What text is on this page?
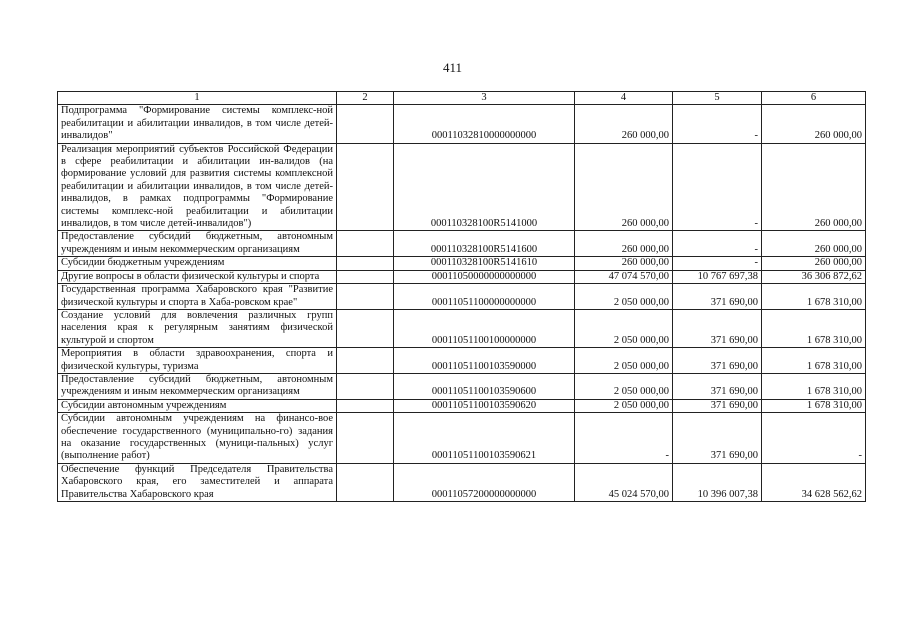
411
1	2	3	4	5	6
Подпрограмма "Формирование системы комплекс-ной реабилитации и абилитации инвалидов, в том числе детей-инвалидов"		00011032810000000000	260 000,00	-	260 000,00
Реализация мероприятий субъектов Российской Федерации в сфере реабилитации и абилитации ин-валидов (на формирование условий для развития системы комплексной реабилитации и абилитации инвалидов, в том числе детей-инвалидов, в рамках подпрограммы "Формирование системы комплекс-ной реабилитации и абилитации инвалидов, в том числе детей-инвалидов")		000110328100R5141000	260 000,00	-	260 000,00
Предоставление субсидий бюджетным, автономным учреждениям и иным некоммерческим организациям		000110328100R5141600	260 000,00	-	260 000,00
Субсидии бюджетным учреждениям		000110328100R5141610	260 000,00	-	260 000,00
Другие вопросы в области физической культуры и спорта		00011050000000000000	47 074 570,00	10 767 697,38	36 306 872,62
Государственная программа Хабаровского края "Развитие физической культуры и спорта в Хаба-ровском крае"		00011051100000000000	2 050 000,00	371 690,00	1 678 310,00
Создание условий для вовлечения различных групп населения края к регулярным занятиям физической культурой и спортом		00011051100100000000	2 050 000,00	371 690,00	1 678 310,00
Мероприятия в области здравоохранения, спорта и физической культуры, туризма		00011051100103590000	2 050 000,00	371 690,00	1 678 310,00
Предоставление субсидий бюджетным, автономным учреждениям и иным некоммерческим организациям		00011051100103590600	2 050 000,00	371 690,00	1 678 310,00
Субсидии автономным учреждениям		00011051100103590620	2 050 000,00	371 690,00	1 678 310,00
Субсидии автономным учреждениям на финансо-вое обеспечение государственного (муниципально-го) задания на оказание государственных (муници-пальных) услуг (выполнение работ)		00011051100103590621	-	371 690,00	-
Обеспечение функций Председателя Правительства Хабаровского края, его заместителей и аппарата Правительства Хабаровского края		00011057200000000000	45 024 570,00	10 396 007,38	34 628 562,62
